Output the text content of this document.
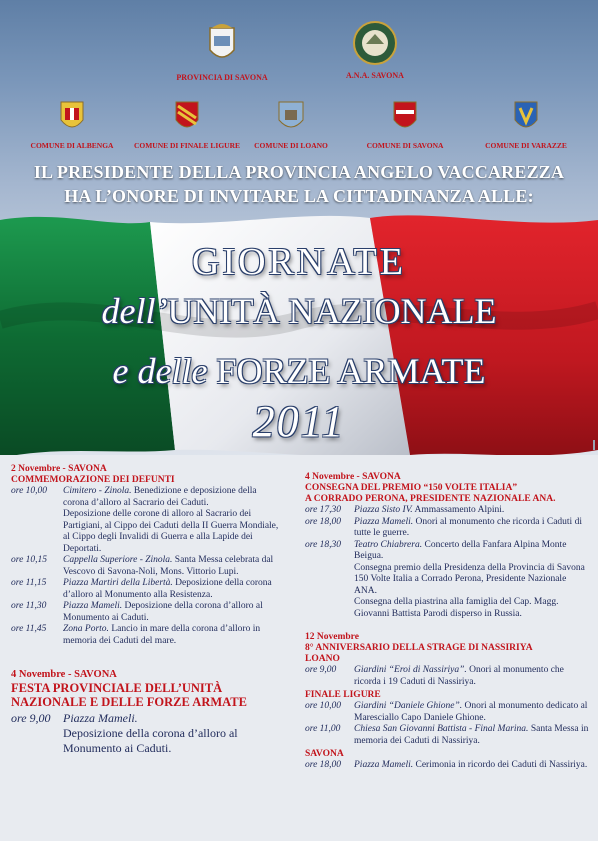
PROVINCIA DI SAVONA	A.N.A. SAVONA
COMUNE DI ALBENGA	COMUNE DI FINALE LIGURE	COMUNE DI LOANO	COMUNE DI SAVONA	COMUNE DI VARAZZE
IL PRESIDENTE DELLA PROVINCIA ANGELO VACCAREZZA
HA L’ONORE DI INVITARE LA CITTADINANZA ALLE:
GIORNATE
dell’UNITÀ NAZIONALE
e delle FORZE ARMATE
2011
2 Novembre - SAVONA
COMMEMORAZIONE DEI DEFUNTI
ore 10,00 Cimitero - Zinola. Benedizione e deposizione della corona d’alloro al Sacrario dei Caduti.
Deposizione delle corone di alloro al Sacrario dei Partigiani, al Cippo dei Caduti della II Guerra Mondiale, al Cippo degli Invalidi di Guerra e alla Lapide dei Deportati.
ore 10,15 Cappella Superiore - Zinola. Santa Messa celebrata dal Vescovo di Savona-Noli, Mons. Vittorio Lupi.
ore 11,15 Piazza Martiri della Libertà. Deposizione della corona d’alloro al Monumento alla Resistenza.
ore 11,30 Piazza Mameli. Deposizione della corona d’alloro al Monumento ai Caduti.
ore 11,45 Zona Porto. Lancio in mare della corona d’alloro in memoria dei Caduti del mare.
4 Novembre - SAVONA
FESTA PROVINCIALE DELL’UNITÀ
NAZIONALE E DELLE FORZE ARMATE
ore 9,00 Piazza Mameli.
Deposizione della corona d’alloro al Monumento ai Caduti.
4 Novembre - SAVONA
CONSEGNA DEL PREMIO “150 VOLTE ITALIA”
A CORRADO PERONA, PRESIDENTE NAZIONALE ANA.
ore 17,30 Piazza Sisto IV. Ammassamento Alpini.
ore 18,00 Piazza Mameli. Onori al monumento che ricorda i Caduti di tutte le guerre.
ore 18,30 Teatro Chiabrera. Concerto della Fanfara Alpina Monte Beigua.
Consegna premio della Presidenza della Provincia di Savona 150 Volte Italia a Corrado Perona, Presidente Nazionale ANA.
Consegna della piastrina alla famiglia del Cap. Magg. Giovanni Battista Parodi disperso in Russia.
12 Novembre
8° ANNIVERSARIO DELLA STRAGE DI NASSIRIYA
LOANO
ore 9,00 Giardini “Eroi di Nassiriya”. Onori al monumento che ricorda i 19 Caduti di Nassiriya.
FINALE LIGURE
ore 10,00 Giardini “Daniele Ghione”. Onori al monumento dedicato al Maresciallo Capo Daniele Ghione.
ore 11,00 Chiesa San Giovanni Battista - Final Marina. Santa Messa in memoria dei Caduti di Nassiriya.
SAVONA
ore 18,00 Piazza Mameli. Cerimonia in ricordo dei Caduti di Nassiriya.
